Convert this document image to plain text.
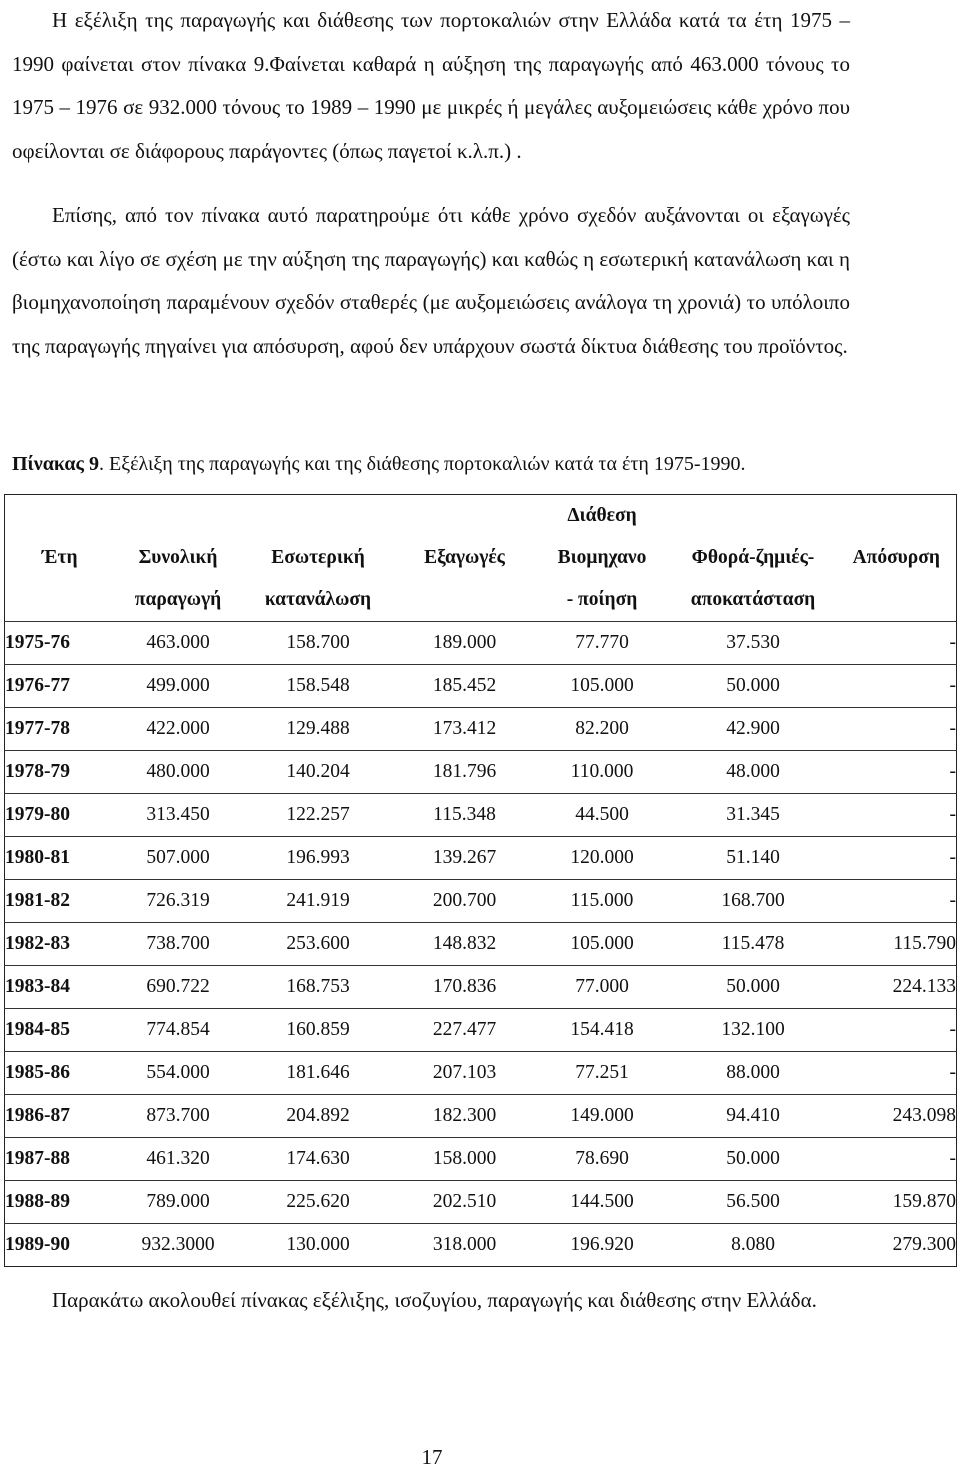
Η εξέλιξη της παραγωγής και διάθεσης των πορτοκαλιών στην Ελλάδα κατά τα έτη 1975 – 1990 φαίνεται στον πίνακα 9.Φαίνεται καθαρά η αύξηση της παραγωγής από 463.000 τόνους το 1975 – 1976 σε 932.000 τόνους το 1989 – 1990 με μικρές ή μεγάλες αυξομειώσεις κάθε χρόνο που οφείλονται σε διάφορους παράγοντες (όπως παγετοί κ.λ.π.) .

Επίσης, από τον πίνακα αυτό παρατηρούμε ότι κάθε χρόνο σχεδόν αυξάνονται οι εξαγωγές (έστω και λίγο σε σχέση με την αύξηση της παραγωγής) και καθώς η εσωτερική κατανάλωση και η βιομηχανοποίηση παραμένουν σχεδόν σταθερές (με αυξομειώσεις ανάλογα τη χρονιά) το υπόλοιπο της παραγωγής πηγαίνει για απόσυρση, αφού δεν υπάρχουν σωστά δίκτυα διάθεσης του προϊόντος.

Πίνακας 9. Εξέλιξη της παραγωγής και της διάθεσης πορτοκαλιών κατά τα έτη 1975-1990.

				Διάθεση		
Έτη	Συνολική	Εσωτερική	Εξαγωγές	Βιομηχανο	Φθορά-ζημιές-	Απόσυρση
	παραγωγή	κατανάλωση		- ποίηση	αποκατάσταση	
1975-76	463.000	158.700	189.000	77.770	37.530	-
1976-77	499.000	158.548	185.452	105.000	50.000	-
1977-78	422.000	129.488	173.412	82.200	42.900	-
1978-79	480.000	140.204	181.796	110.000	48.000	-
1979-80	313.450	122.257	115.348	44.500	31.345	-
1980-81	507.000	196.993	139.267	120.000	51.140	-
1981-82	726.319	241.919	200.700	115.000	168.700	-
1982-83	738.700	253.600	148.832	105.000	115.478	115.790
1983-84	690.722	168.753	170.836	77.000	50.000	224.133
1984-85	774.854	160.859	227.477	154.418	132.100	-
1985-86	554.000	181.646	207.103	77.251	88.000	-
1986-87	873.700	204.892	182.300	149.000	94.410	243.098
1987-88	461.320	174.630	158.000	78.690	50.000	-
1988-89	789.000	225.620	202.510	144.500	56.500	159.870
1989-90	932.3000	130.000	318.000	196.920	8.080	279.300

Παρακάτω ακολουθεί πίνακας εξέλιξης, ισοζυγίου, παραγωγής και διάθεσης στην Ελλάδα.

17
